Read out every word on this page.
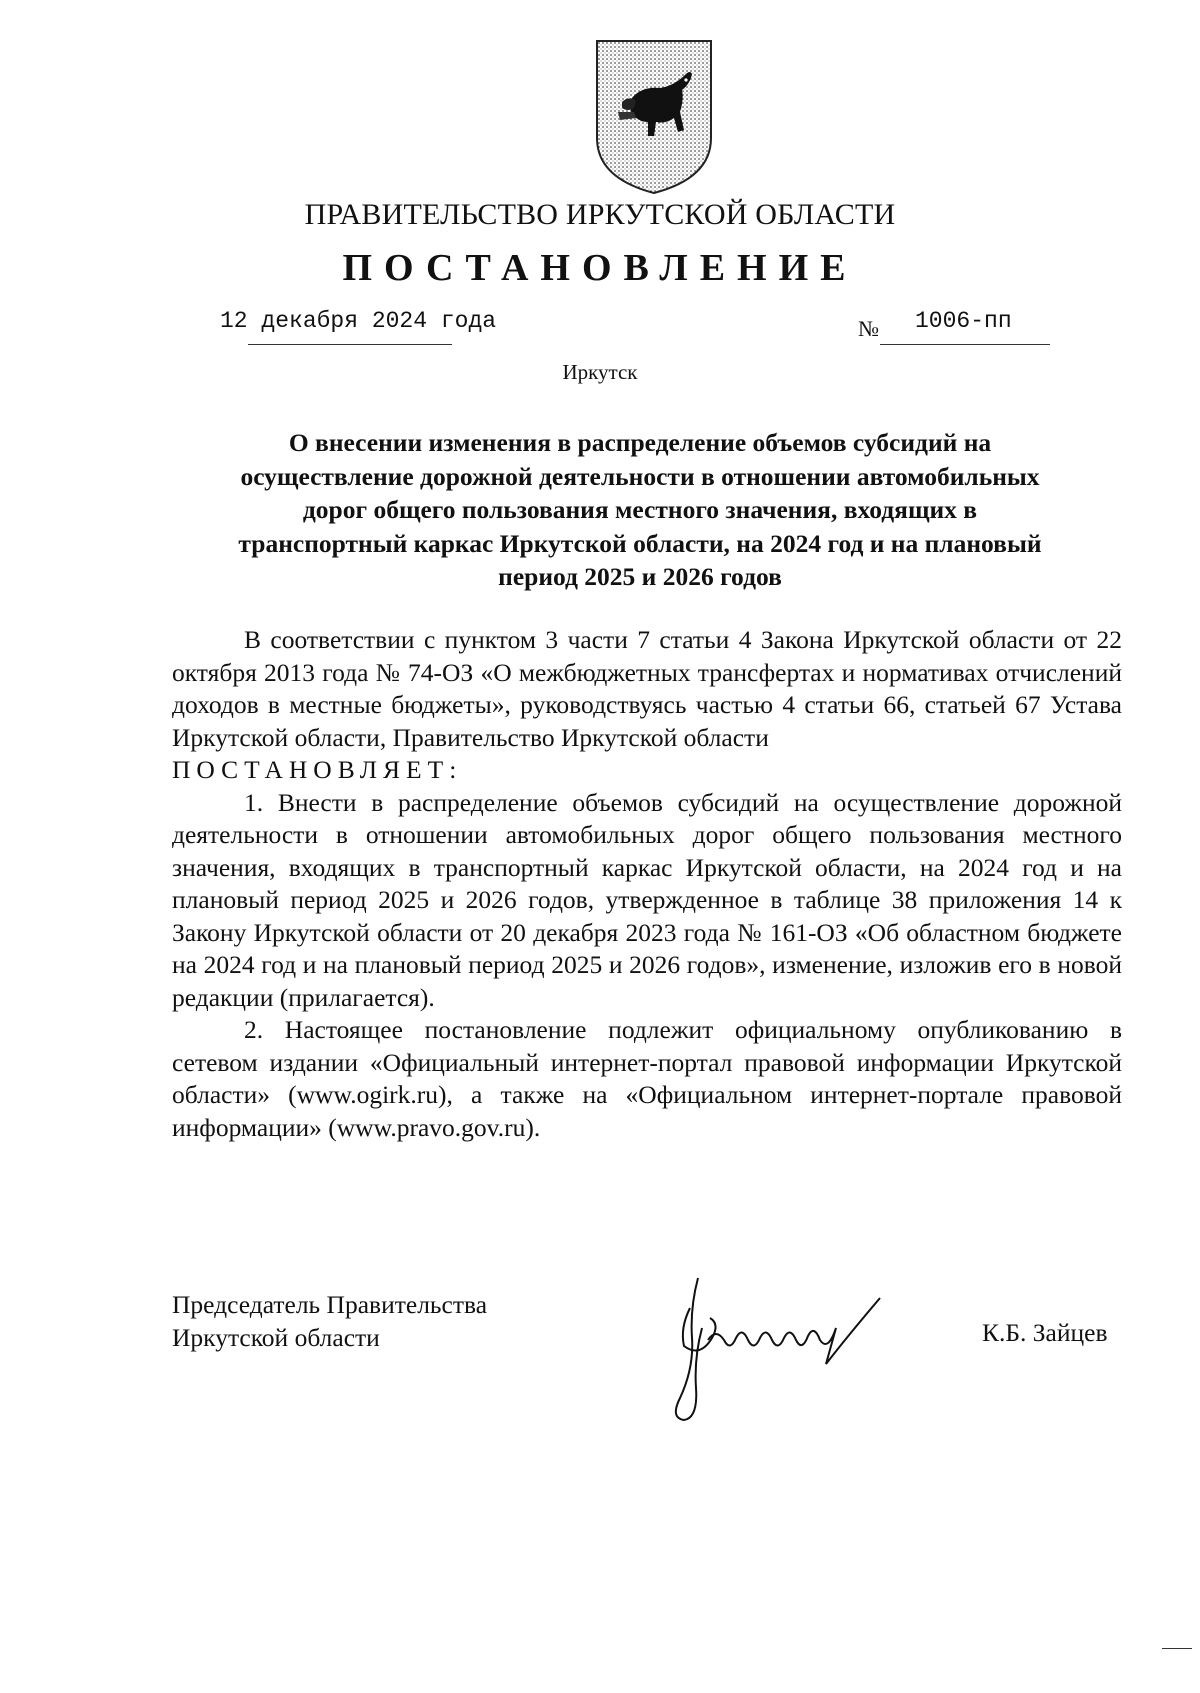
ПРАВИТЕЛЬСТВО ИРКУТСКОЙ ОБЛАСТИ
ПОСТАНОВЛЕНИЕ
12 декабря 2024 года	№ 1006-пп
Иркутск
О внесении изменения в распределение объемов субсидий на
осуществление дорожной деятельности в отношении автомобильных
дорог общего пользования местного значения, входящих в
транспортный каркас Иркутской области, на 2024 год и на плановый
период 2025 и 2026 годов

В соответствии с пунктом 3 части 7 статьи 4 Закона Иркутской области от 22 октября 2013 года № 74-ОЗ «О межбюджетных трансфертах и нормативах отчислений доходов в местные бюджеты», руководствуясь частью 4 статьи 66, статьей 67 Устава Иркутской области, Правительство Иркутской области

ПОСТАНОВЛЯЕТ:

1. Внести в распределение объемов субсидий на осуществление дорожной деятельности в отношении автомобильных дорог общего пользования местного значения, входящих в транспортный каркас Иркутской области, на 2024 год и на плановый период 2025 и 2026 годов, утвержденное в таблице 38 приложения 14 к Закону Иркутской области от 20 декабря 2023 года № 161-ОЗ «Об областном бюджете на 2024 год и на плановый период 2025 и 2026 годов», изменение, изложив его в новой редакции (прилагается).

2. Настоящее постановление подлежит официальному опубликованию в сетевом издании «Официальный интернет-портал правовой информации Иркутской области» (www.ogirk.ru), а также на «Официальном интернет-портале правовой информации» (www.pravo.gov.ru).

Председатель Правительства
Иркутской области	К.Б. Зайцев
